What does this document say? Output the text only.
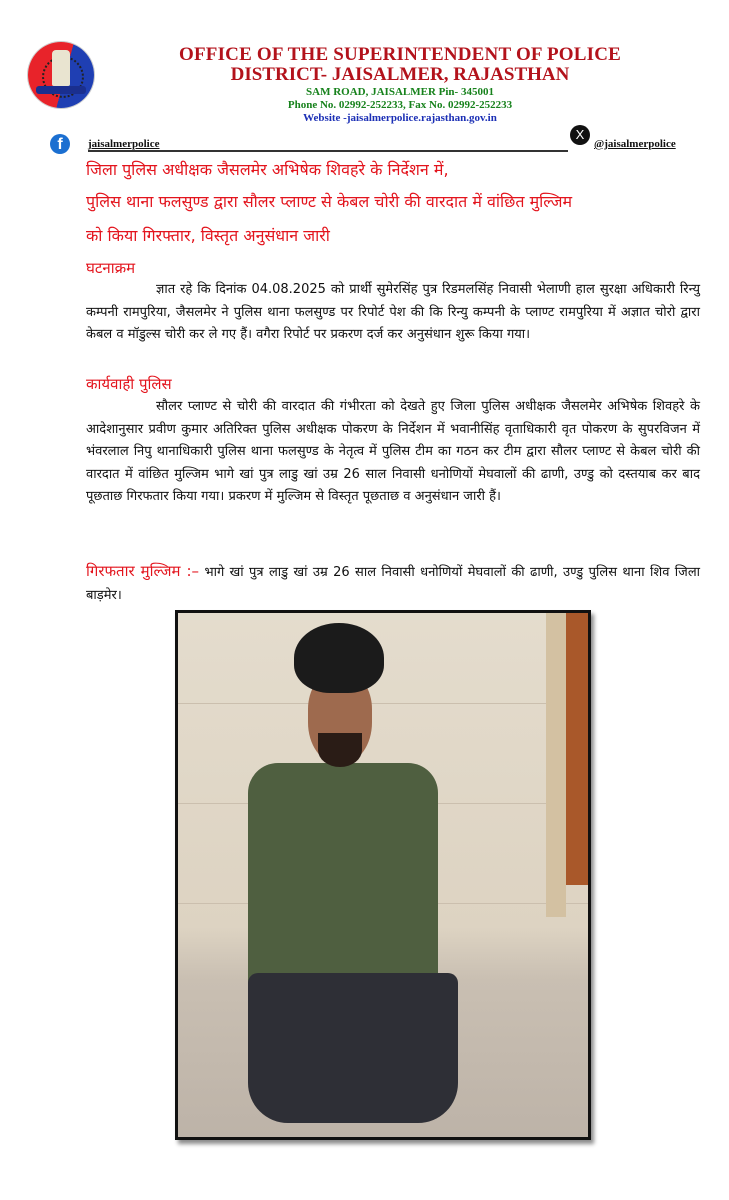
OFFICE OF THE SUPERINTENDENT OF POLICE
DISTRICT- JAISALMER, RAJASTHAN
SAM ROAD, JAISALMER Pin- 345001
Phone No. 02992-252233, Fax No. 02992-252233
Website -jaisalmerpolice.rajasthan.gov.in
f	jaisalmerpolice
X
@jaisalmerpolice
जिला पुलिस अधीक्षक जैसलमेर अभिषेक शिवहरे के निर्देशन में,
पुलिस थाना फलसुण्ड द्वारा सौलर प्लाण्ट से केबल चोरी की वारदात में वांछित मुल्जिम
को किया गिरफ्तार, विस्तृत अनुसंधान जारी
घटनाक्रम
ज्ञात रहे कि दिनांक 04.08.2025 को प्रार्थी सुमेरसिंह पुत्र रिडमलसिंह निवासी भेलाणी हाल सुरक्षा अधिकारी रिन्यु कम्पनी रामपुरिया, जैसलमेर ने पुलिस थाना फलसुण्ड पर रिपोर्ट पेश की कि रिन्यु कम्पनी के प्लाण्ट रामपुरिया में अज्ञात चोरो द्वारा केबल व मॉडुल्स चोरी कर ले गए हैं। वगैरा रिपोर्ट पर प्रकरण दर्ज कर अनुसंधान शुरू किया गया।
कार्यवाही पुलिस
सौलर प्लाण्ट से चोरी की वारदात की गंभीरता को देखते हुए जिला पुलिस अधीक्षक जैसलमेर अभिषेक शिवहरे के आदेशानुसार प्रवीण कुमार अतिरिक्त पुलिस अधीक्षक पोकरण के निर्देशन में भवानीसिंह वृताधिकारी वृत पोकरण के सुपरविजन में भंवरलाल निपु थानाधिकारी पुलिस थाना फलसुण्ड के नेतृत्व में पुलिस टीम का गठन कर टीम द्वारा सौलर प्लाण्ट से केबल चोरी की वारदात में वांछित मुल्जिम भागे खां पुत्र लाडु खां उम्र 26 साल निवासी धनोणियों मेघवालों की ढाणी, उण्डु को दस्तयाब कर बाद पूछताछ गिरफतार किया गया। प्रकरण में मुल्जिम से विस्तृत पूछताछ व अनुसंधान जारी हैं।
गिरफतार मुल्जिम :– भागे खां पुत्र लाडु खां उम्र 26 साल निवासी धनोणियों मेघवालों की ढाणी, उण्डु पुलिस थाना शिव जिला बाड़मेर।
